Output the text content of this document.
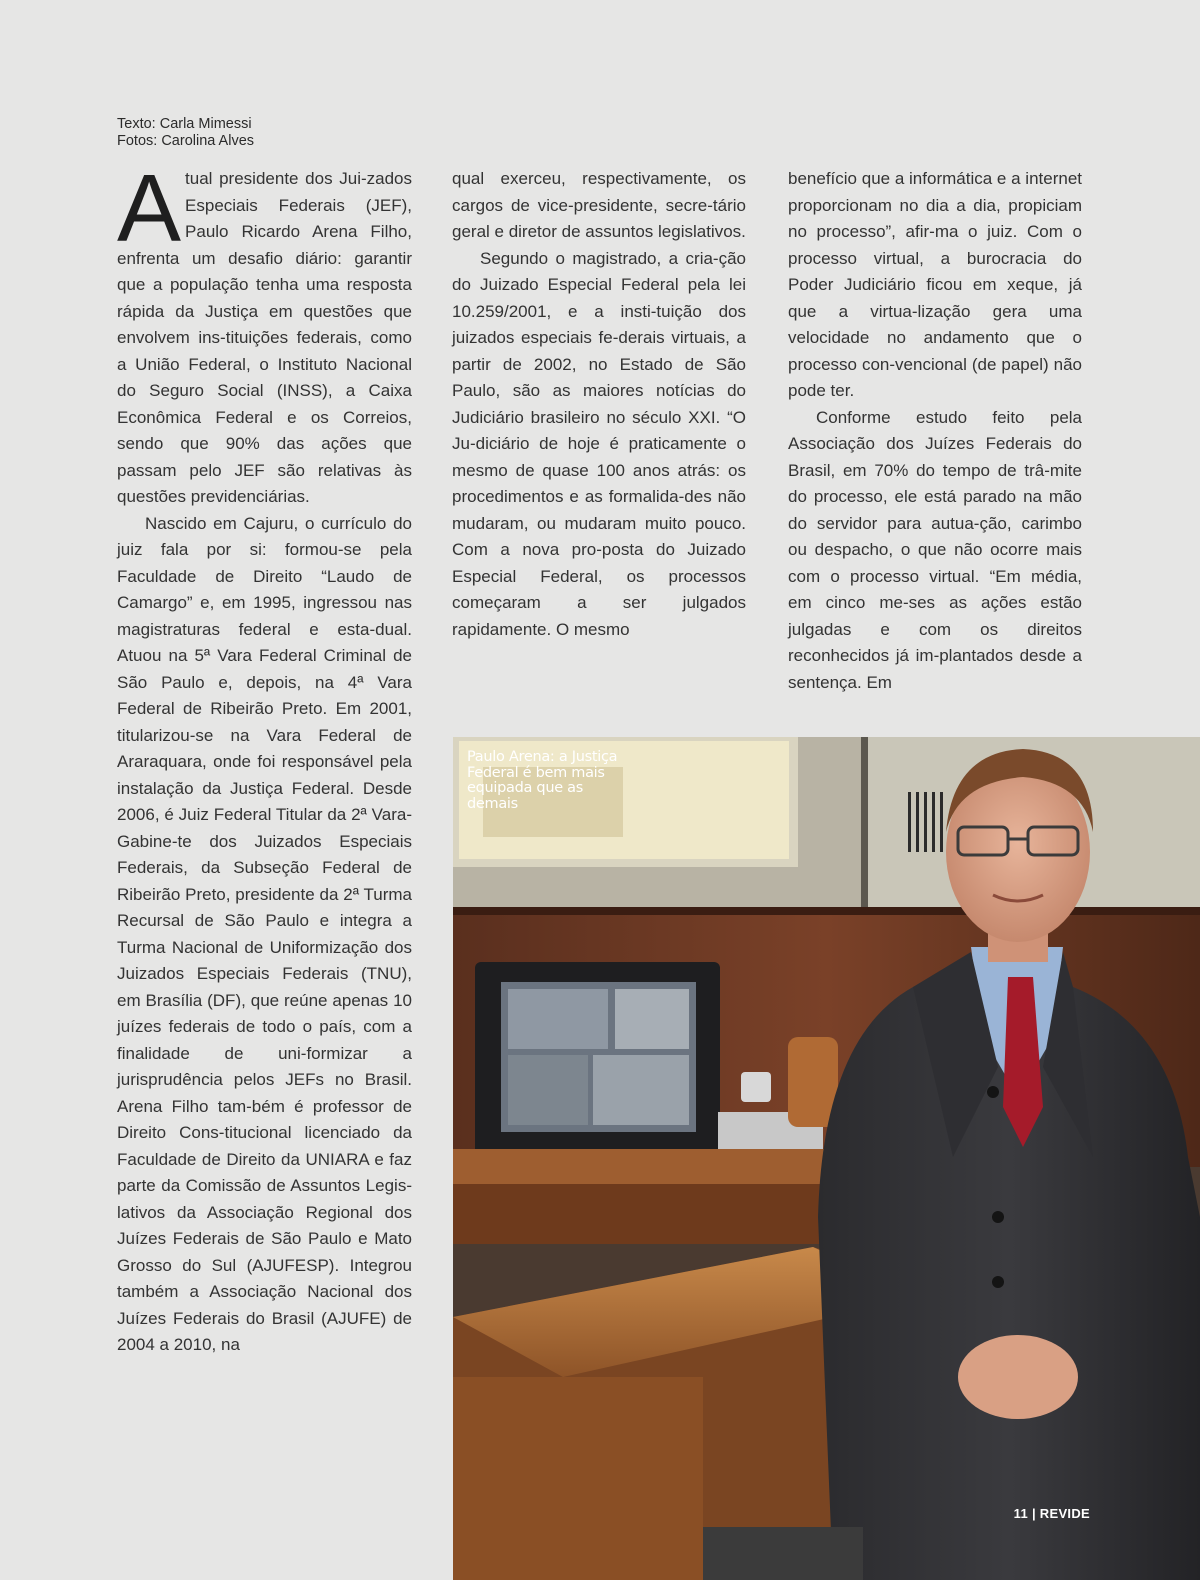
Texto: Carla Mimessi
Fotos: Carolina Alves

Atual presidente dos Jui-zados Especiais Federais (JEF), Paulo Ricardo Arena Filho, enfrenta um desafio diário: garantir que a população tenha uma resposta rápida da Justiça em questões que envolvem ins-tituições federais, como a União Federal, o Instituto Nacional do Seguro Social (INSS), a Caixa Econômica Federal e os Correios, sendo que 90% das ações que passam pelo JEF são relativas às questões previdenciárias.

Nascido em Cajuru, o currículo do juiz fala por si: formou-se pela Faculdade de Direito “Laudo de Camargo” e, em 1995, ingressou nas magistraturas federal e esta-dual. Atuou na 5ª Vara Federal Criminal de São Paulo e, depois, na 4ª Vara Federal de Ribeirão Preto. Em 2001, titularizou-se na Vara Federal de Araraquara, onde foi responsável pela instalação da Justiça Federal. Desde 2006, é Juiz Federal Titular da 2ª Vara-Gabine-te dos Juizados Especiais Federais, da Subseção Federal de Ribeirão Preto, presidente da 2ª Turma Recursal de São Paulo e integra a Turma Nacional de Uniformização dos Juizados Especiais Federais (TNU), em Brasília (DF), que reúne apenas 10 juízes federais de todo o país, com a finalidade de uni-formizar a jurisprudência pelos JEFs no Brasil. Arena Filho tam-bém é professor de Direito Cons-titucional licenciado da Faculdade de Direito da UNIARA e faz parte da Comissão de Assuntos Legis-lativos da Associação Regional dos Juízes Federais de São Paulo e Mato Grosso do Sul (AJUFESP). Integrou também a Associação Nacional dos Juízes Federais do Brasil (AJUFE) de 2004 a 2010, na

qual exerceu, respectivamente, os cargos de vice-presidente, secre-tário geral e diretor de assuntos legislativos.

Segundo o magistrado, a cria-ção do Juizado Especial Federal pela lei 10.259/2001, e a insti-tuição dos juizados especiais fe-derais virtuais, a partir de 2002, no Estado de São Paulo, são as maiores notícias do Judiciário brasileiro no século XXI. “O Ju-diciário de hoje é praticamente o mesmo de quase 100 anos atrás: os procedimentos e as formalida-des não mudaram, ou mudaram muito pouco. Com a nova pro-posta do Juizado Especial Federal, os processos começaram a ser julgados rapidamente. O mesmo

benefício que a informática e a internet proporcionam no dia a dia, propiciam no processo”, afir-ma o juiz. Com o processo virtual, a burocracia do Poder Judiciário ficou em xeque, já que a virtua-lização gera uma velocidade no andamento que o processo con-vencional (de papel) não pode ter.

Conforme estudo feito pela Associação dos Juízes Federais do Brasil, em 70% do tempo de trâ-mite do processo, ele está parado na mão do servidor para autua-ção, carimbo ou despacho, o que não ocorre mais com o processo virtual. “Em média, em cinco me-ses as ações estão julgadas e com os direitos reconhecidos já im-plantados desde a sentença. Em

Paulo Arena: a Justiça Federal é bem mais equipada que as demais
11 | REVIDE
